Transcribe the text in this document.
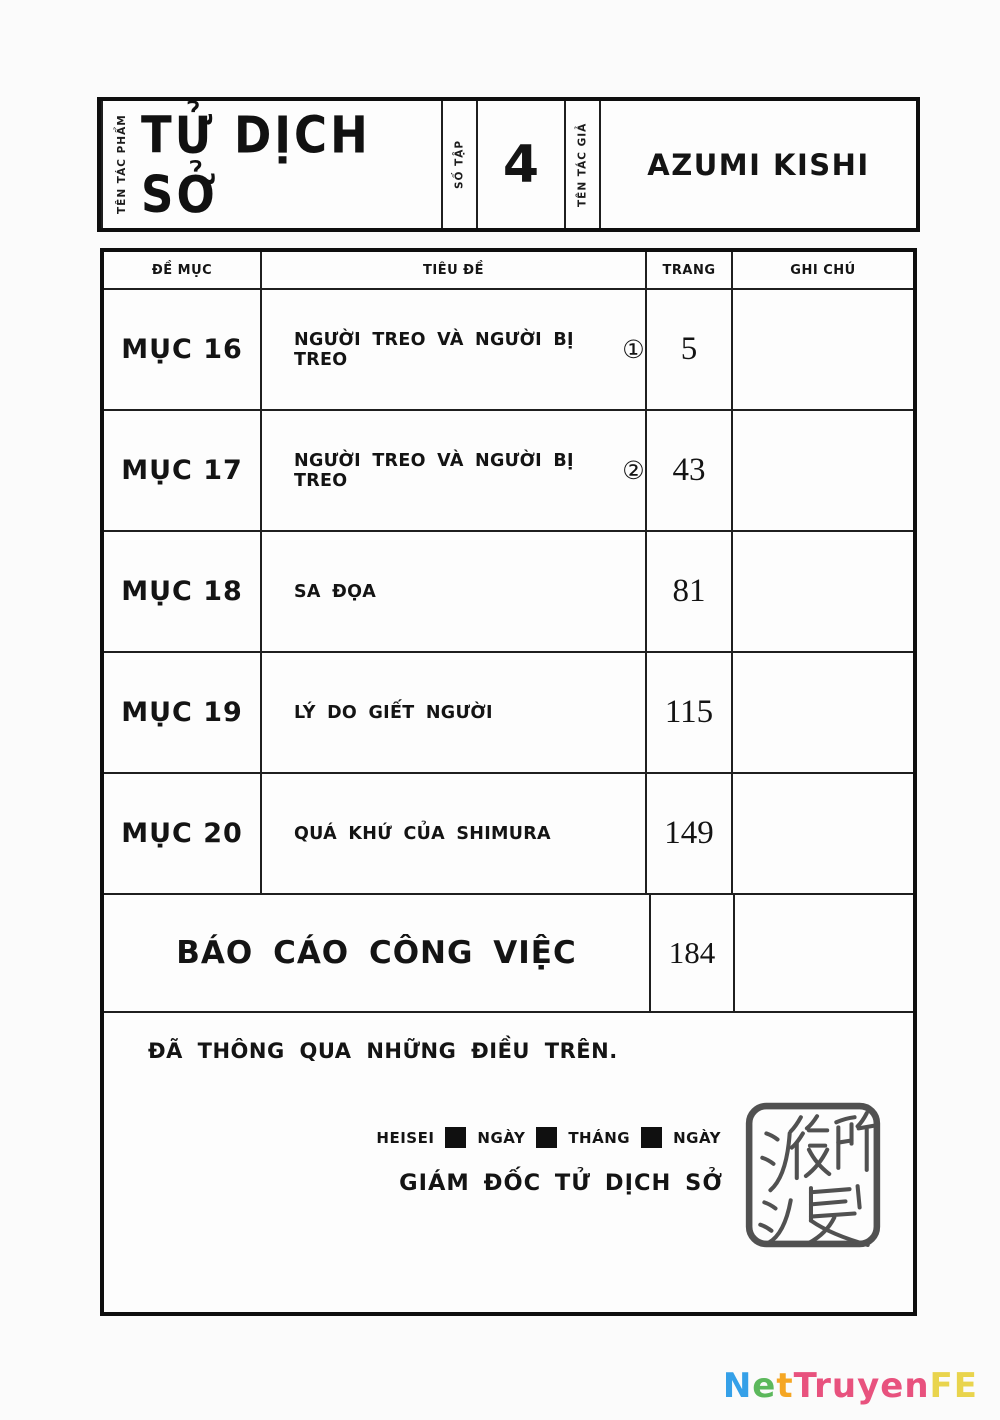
TÊN TÁC PHẨM TỬ DỊCH SỞ	SỐ TẬP 4	TÊN TÁC GIẢ	AZUMI KISHI
ĐỀ MỤC	TIÊU ĐỀ	TRANG	GHI CHÚ
MỤC 16	NGƯỜI TREO VÀ NGƯỜI BỊ TREO	①	5
MỤC 17	NGƯỜI TREO VÀ NGƯỜI BỊ TREO	② 43
MỤC 18	SA ĐỌA	81
MỤC 19	LÝ DO GIẾT NGƯỜI	115
MỤC 20	QUÁ KHỨ CỦA SHIMURA	149
BÁO CÁO CÔNG VIỆC	184
ĐÃ THÔNG QUA NHỮNG ĐIỀU TRÊN.
HEISEI	NGÀY	THÁNG	NGÀY
GIÁM ĐỐC TỬ DỊCH SỞ
NetTruyenFE
